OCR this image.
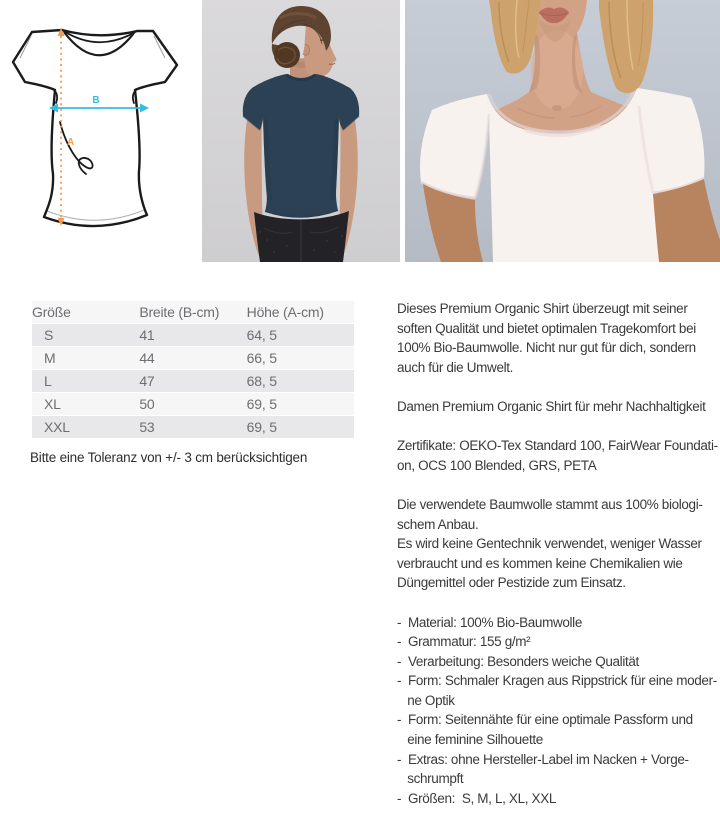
A
B
Größe	Breite (B-cm)	Höhe (A-cm)
S	41	64, 5
M	44	66, 5
L	47	68, 5
XL	50	69, 5
XXL	53	69, 5
Bitte eine Toleranz von +/- 3 cm berücksichtigen
Dieses Premium Organic Shirt überzeugt mit seiner
soften Qualität und bietet optimalen Tragekomfort bei
100% Bio-Baumwolle. Nicht nur gut für dich, sondern
auch für die Umwelt.
Damen Premium Organic Shirt für mehr Nachhaltigkeit
Zertifikate: OEKO-Tex Standard 100, FairWear Foundati-
on, OCS 100 Blended, GRS, PETA
Die verwendete Baumwolle stammt aus 100% biologi-
schem Anbau.
Es wird keine Gentechnik verwendet, weniger Wasser
verbraucht und es kommen keine Chemikalien wie
Düngemittel oder Pestizide zum Einsatz.
-  Material: 100% Bio-Baumwolle
-  Grammatur: 155 g/m²
-  Verarbeitung: Besonders weiche Qualität
-  Form: Schmaler Kragen aus Rippstrick für eine moder-
ne Optik
-  Form: Seitennähte für eine optimale Passform und
eine feminine Silhouette
-  Extras: ohne Hersteller-Label im Nacken + Vorge-
schrumpft
-  Größen:  S, M, L, XL, XXL
